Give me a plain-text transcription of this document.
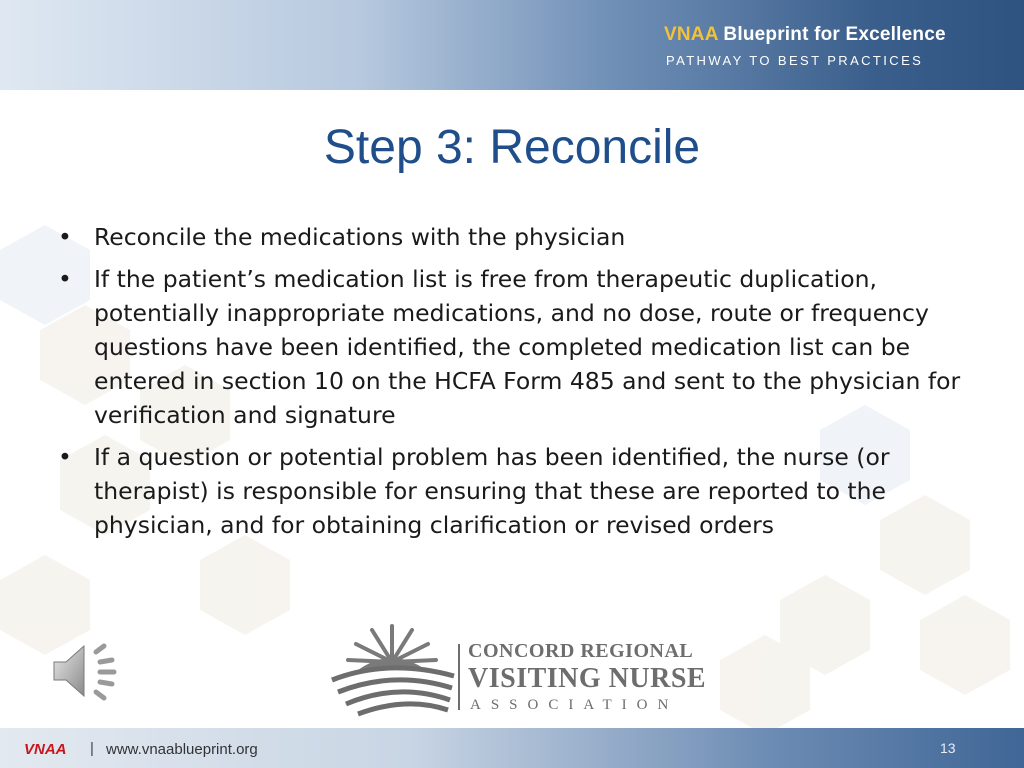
VNAA Blueprint for Excellence
PATHWAY TO BEST PRACTICES
Step 3: Reconcile
• Reconcile the medications with the physician
• If the patient’s medication list is free from therapeutic duplication, potentially inappropriate medications, and no dose, route or frequency questions have been identified, the completed medication list can be entered in section 10 on the HCFA Form 485 and sent to the physician for verification and signature
• If a question or potential problem has been identified, the nurse (or therapist) is responsible for ensuring that these are reported to the physician, and for obtaining clarification or revised orders
CONCORD REGIONAL
VISITING NURSE
ASSOCIATION
VNAA | www.vnaablueprint.org	13
